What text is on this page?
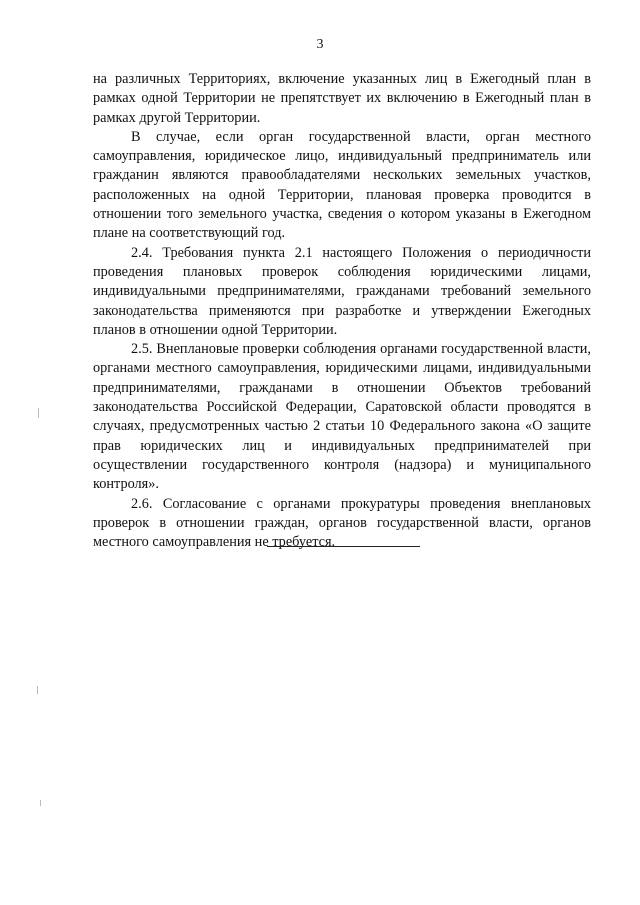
3

на различных Территориях, включение указанных лиц в Ежегодный план в рамках одной Территории не препятствует их включению в Ежегодный план в рамках другой Территории.

В случае, если орган государственной власти, орган местного самоуправления, юридическое лицо, индивидуальный предприниматель или гражданин являются правообладателями нескольких земельных участков, расположенных на одной Территории, плановая проверка проводится в отношении того земельного участка, сведения о котором указаны в Ежегодном плане на соответствующий год.

2.4. Требования пункта 2.1 настоящего Положения о периодичности проведения плановых проверок соблюдения юридическими лицами, индивидуальными предпринимателями, гражданами требований земельного законодательства применяются при разработке и утверждении Ежегодных планов в отношении одной Территории.

2.5. Внеплановые проверки соблюдения органами государственной власти, органами местного самоуправления, юридическими лицами, индивидуальными предпринимателями, гражданами в отношении Объектов требований законодательства Российской Федерации, Саратовской области проводятся в случаях, предусмотренных частью 2 статьи 10 Федерального закона «О защите прав юридических лиц и индивидуальных предпринимателей при осуществлении государственного контроля (надзора) и муниципального контроля».

2.6. Согласование с органами прокуратуры проведения внеплановых проверок в отношении граждан, органов государственной власти, органов местного самоуправления не требуется.
